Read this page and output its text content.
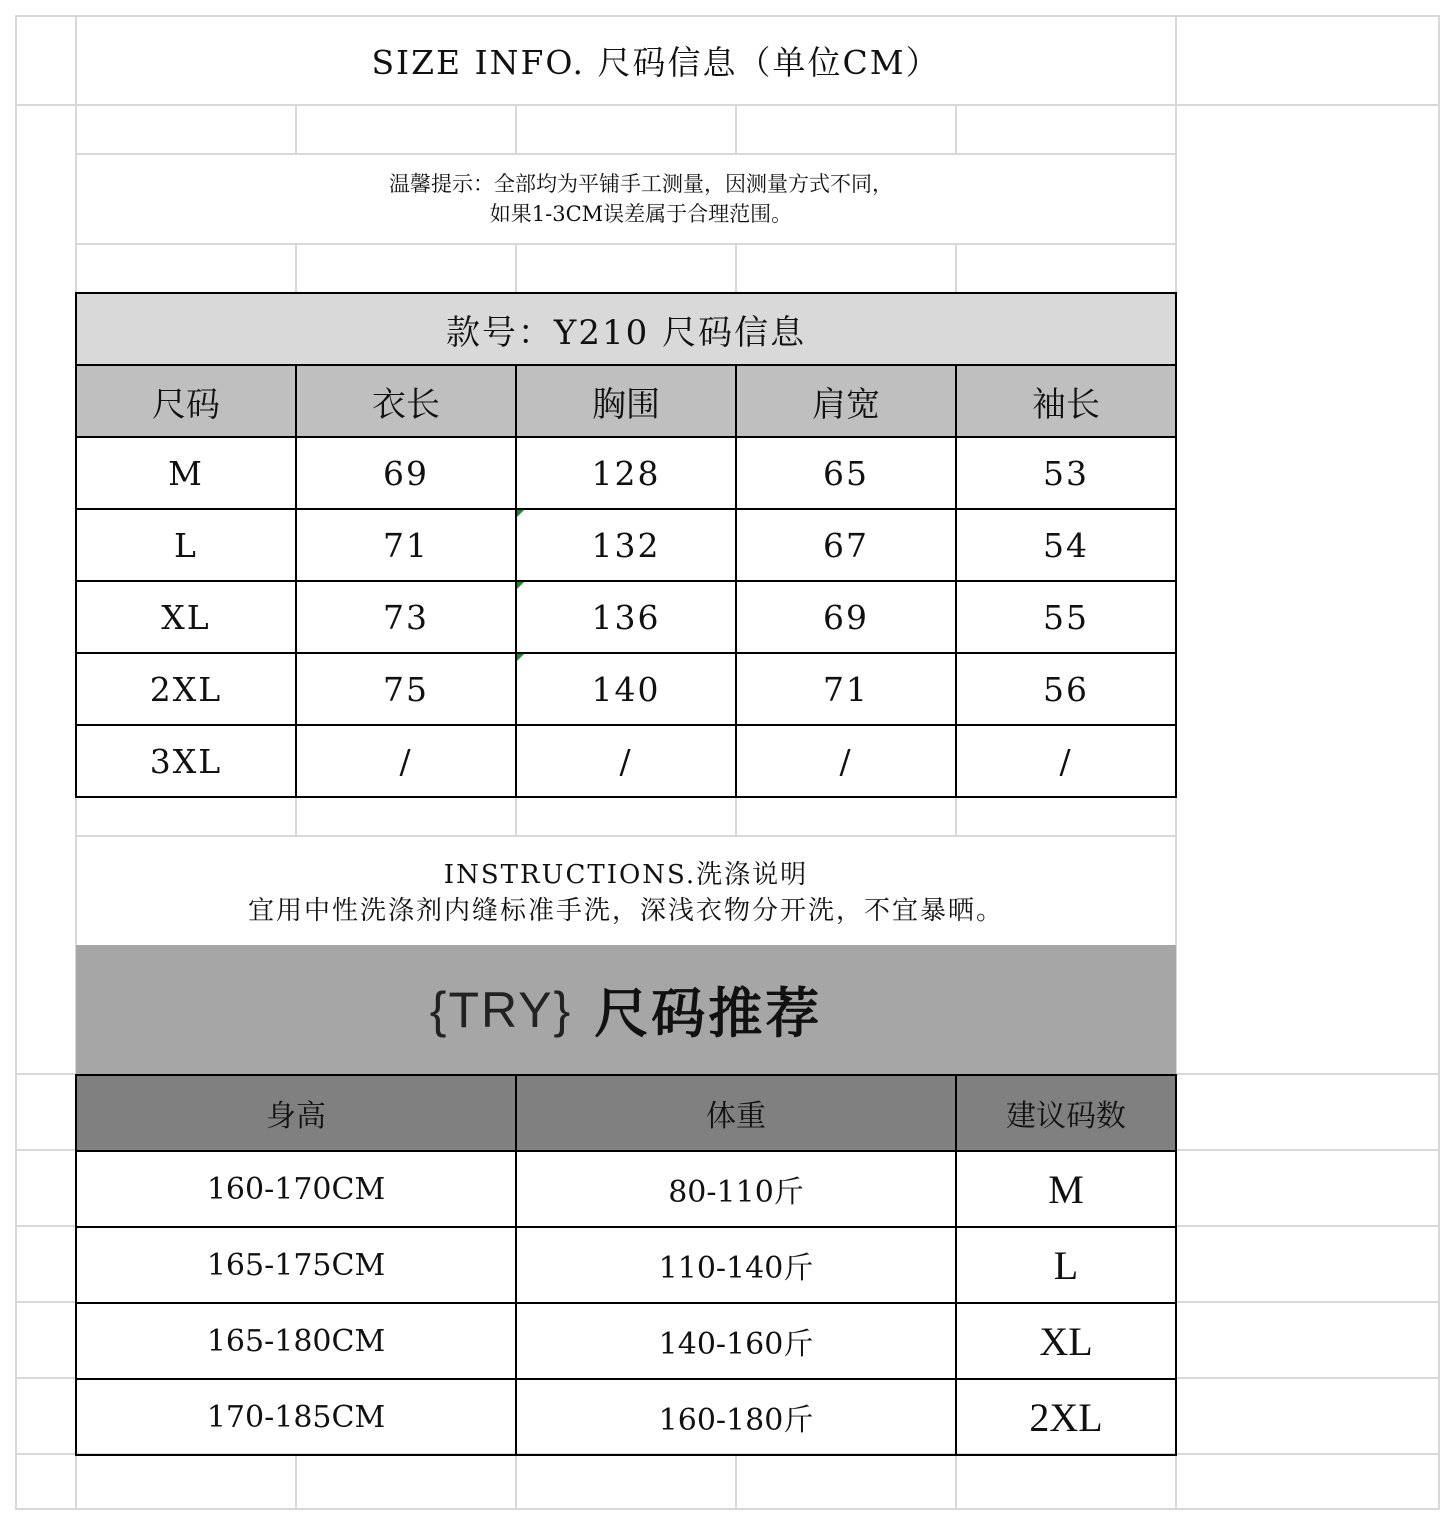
SIZE INFO. 尺码信息（单位CM）
温馨提示：全部均为平铺手工测量，因测量方式不同，
如果1-3CM误差属于合理范围。
款号：Y210 尺码信息				
尺码	衣长	胸围	肩宽	袖长
M	69	128	65	53
L	71	132	67	54
XL	73	136	69	55
2XL	75	140	71	56
3XL	/	/	/	/
INSTRUCTIONS.洗涤说明
宜用中性洗涤剂内缝标准手洗，深浅衣物分开洗，不宜暴晒。
{TRY} 尺码推荐
身高	体重	建议码数
160-170CM	80-110斤	M
165-175CM	110-140斤	L
165-180CM	140-160斤	XL
170-185CM	160-180斤	2XL
